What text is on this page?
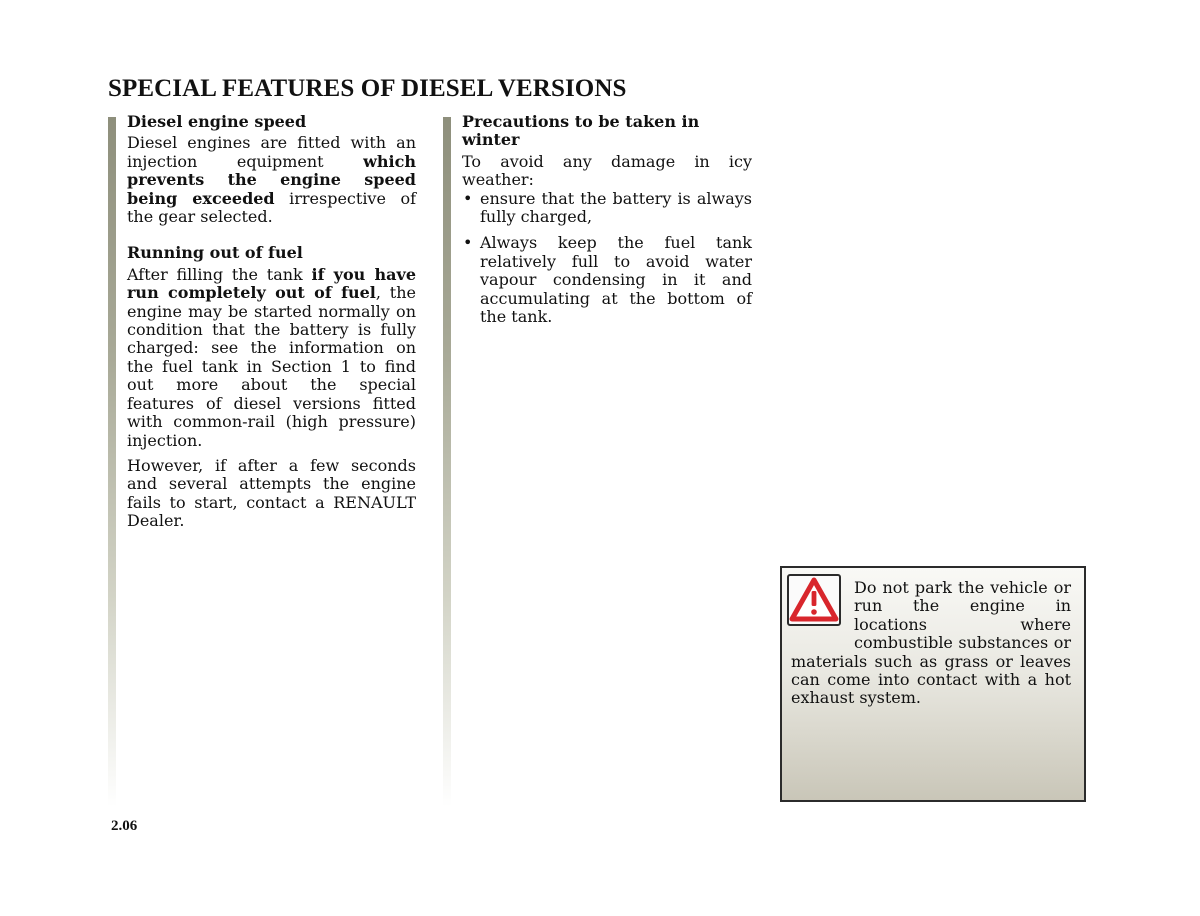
SPECIAL FEATURES OF DIESEL VERSIONS
Diesel engine speed

Diesel engines are fitted with an injection equipment which prevents the engine speed being exceeded irrespective of the gear selected.

Running out of fuel

After filling the tank if you have run completely out of fuel, the engine may be started normally on condition that the battery is fully charged: see the information on the fuel tank in Section 1 to find out more about the special features of diesel versions fitted with common-rail (high pressure) injection.

However, if after a few seconds and several attempts the engine fails to start, contact a RENAULT Dealer.

Precautions to be taken in winter

To avoid any damage in icy weather:

• ensure that the battery is always fully charged,
• Always keep the fuel tank relatively full to avoid water vapour condensing in it and accumulating at the bottom of the tank.

Do not park the vehicle or run the engine in locations where combustible substances or materials such as grass or leaves can come into contact with a hot exhaust system.

2.06
